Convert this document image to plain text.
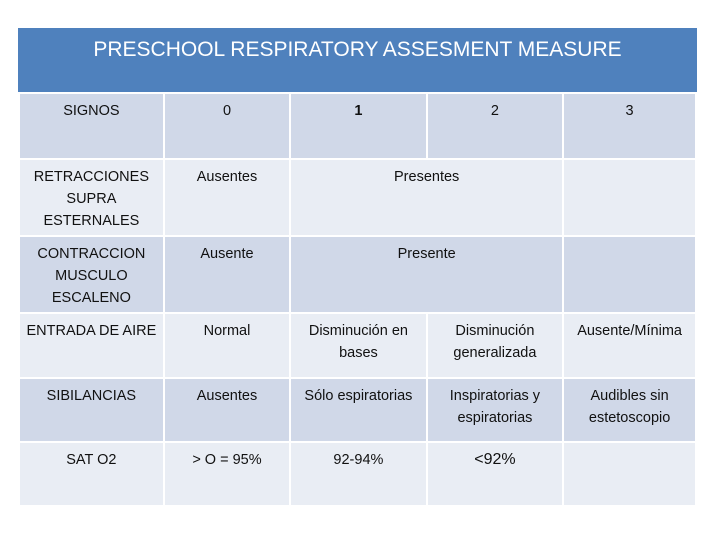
PRESCHOOL RESPIRATORY ASSESMENT MEASURE
SIGNOS	0	1	2	3
RETRACCIONES SUPRA ESTERNALES	Ausentes	Presentes		
CONTRACCION MUSCULO ESCALENO	Ausente	Presente		
ENTRADA DE AIRE	Normal	Disminución en bases	Disminución generalizada	Ausente/Mínima
SIBILANCIAS	Ausentes	Sólo espiratorias	Inspiratorias y espiratorias	Audibles sin estetoscopio
SAT O2	> O = 95%	92-94%	<92%	
